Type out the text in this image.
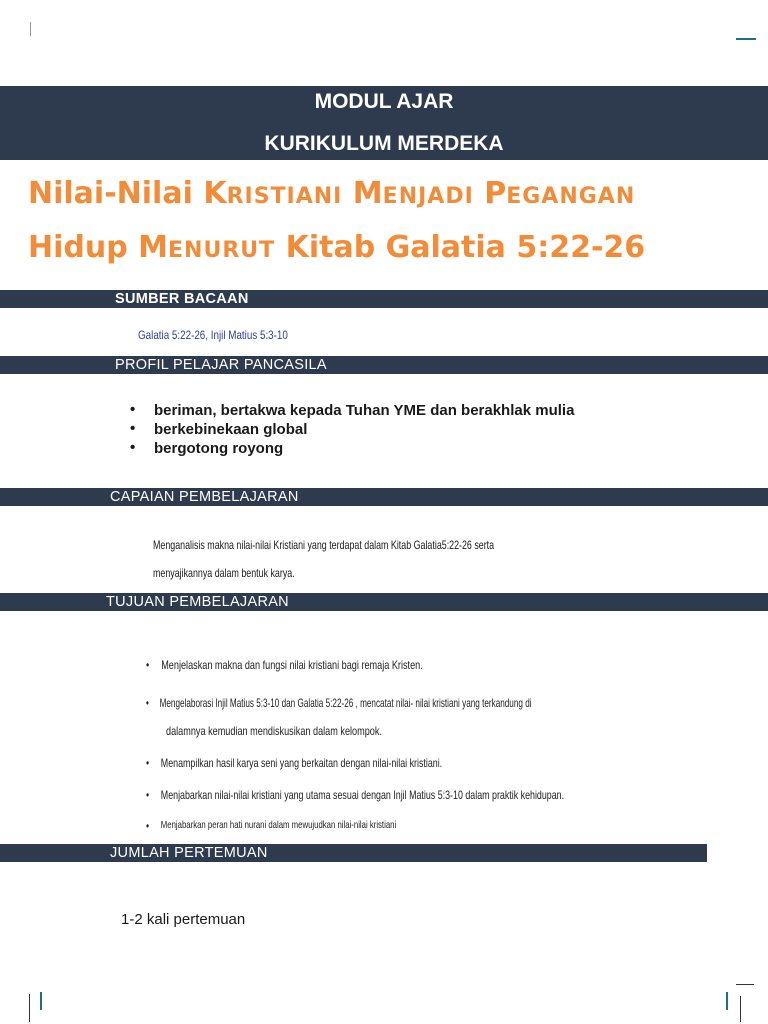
MODUL AJAR
KURIKULUM MERDEKA
Nilai-Nilai KRISTIANI MENJADI PEGANGAN
Hidup MENURUT Kitab Galatia 5:22-26
SUMBER BACAAN
Galatia 5:22-26, Injil Matius 5:3-10
PROFIL PELAJAR PANCASILA
• beriman, bertakwa kepada Tuhan YME dan berakhlak mulia
• berkebinekaan global
• bergotong royong
CAPAIAN PEMBELAJARAN
Menganalisis makna nilai-nilai Kristiani yang terdapat dalam Kitab Galatia5:22-26 serta
menyajikannya dalam bentuk karya.
TUJUAN PEMBELAJARAN
• Menjelaskan makna dan fungsi nilai kristiani bagi remaja Kristen.
• Mengelaborasi Injil Matius 5:3-10 dan Galatia 5:22-26 , mencatat nilai- nilai kristiani yang terkandung di
dalamnya kemudian mendiskusikan dalam kelompok.
• Menampilkan hasil karya seni yang berkaitan dengan nilai-nilai kristiani.
• Menjabarkan nilai-nilai kristiani yang utama sesuai dengan Injil Matius 5:3-10 dalam praktik kehidupan.
• Menjabarkan peran hati nurani dalam mewujudkan nilai-nilai kristiani
JUMLAH PERTEMUAN
1-2 kali pertemuan
